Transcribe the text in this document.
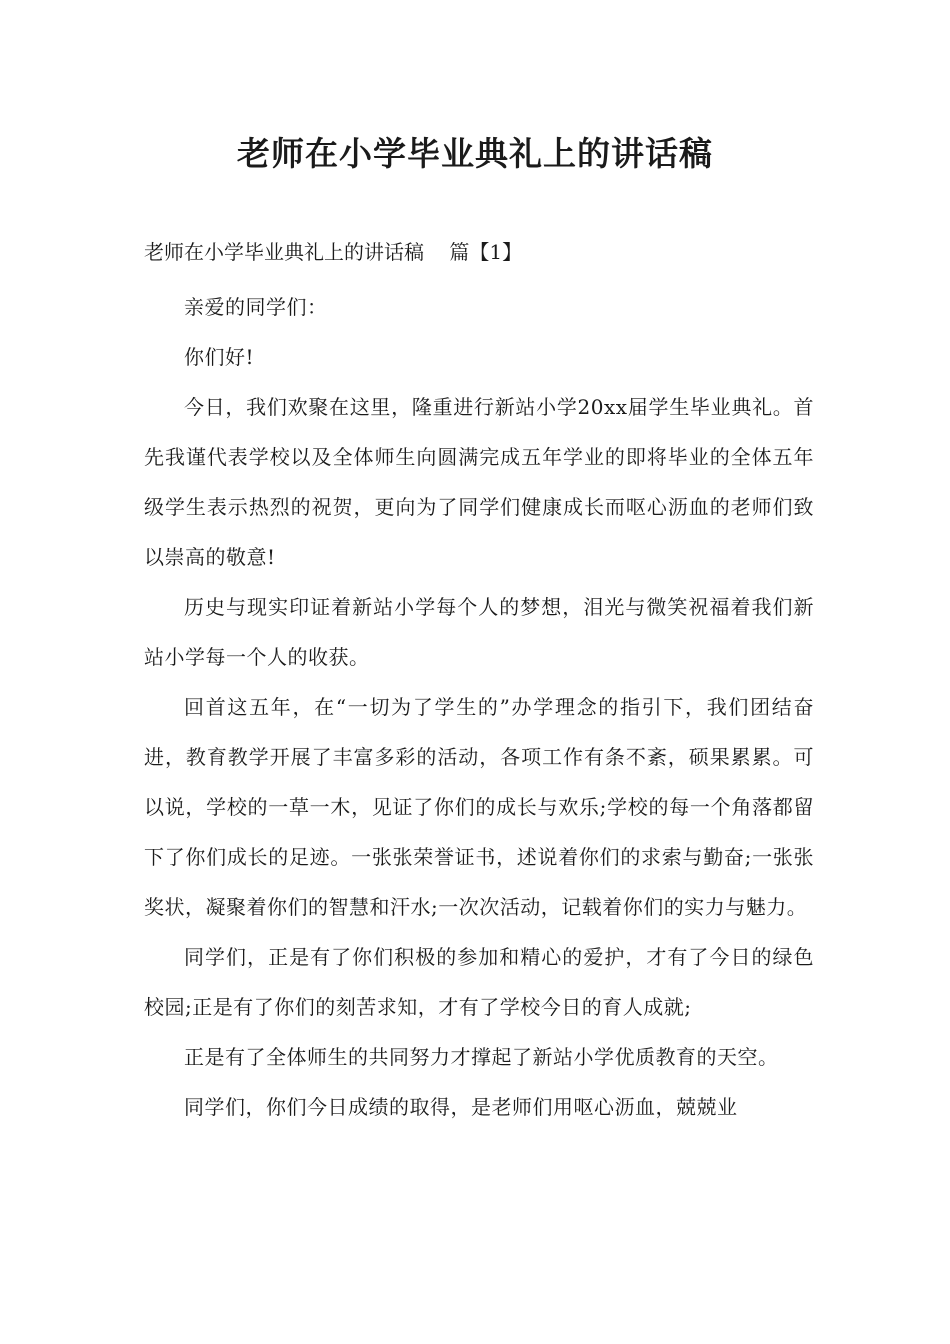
老师在小学毕业典礼上的讲话稿

老师在小学毕业典礼上的讲话稿    篇【1】

亲爱的同学们：

你们好!

今日，我们欢聚在这里，隆重进行新站小学20xx届学生毕业典礼。首先我谨代表学校以及全体师生向圆满完成五年学业的即将毕业的全体五年级学生表示热烈的祝贺，更向为了同学们健康成长而呕心沥血的老师们致以崇高的敬意!

历史与现实印证着新站小学每个人的梦想，泪光与微笑祝福着我们新站小学每一个人的收获。

回首这五年，在“一切为了学生的”办学理念的指引下，我们团结奋进，教育教学开展了丰富多彩的活动，各项工作有条不紊，硕果累累。可以说，学校的一草一木，见证了你们的成长与欢乐;学校的每一个角落都留下了你们成长的足迹。一张张荣誉证书，述说着你们的求索与勤奋;一张张奖状，凝聚着你们的智慧和汗水;一次次活动，记载着你们的实力与魅力。

同学们，正是有了你们积极的参加和精心的爱护，才有了今日的绿色校园;正是有了你们的刻苦求知，才有了学校今日的育人成就;

正是有了全体师生的共同努力才撑起了新站小学优质教育的天空。

同学们，你们今日成绩的取得，是老师们用呕心沥血，兢兢业
